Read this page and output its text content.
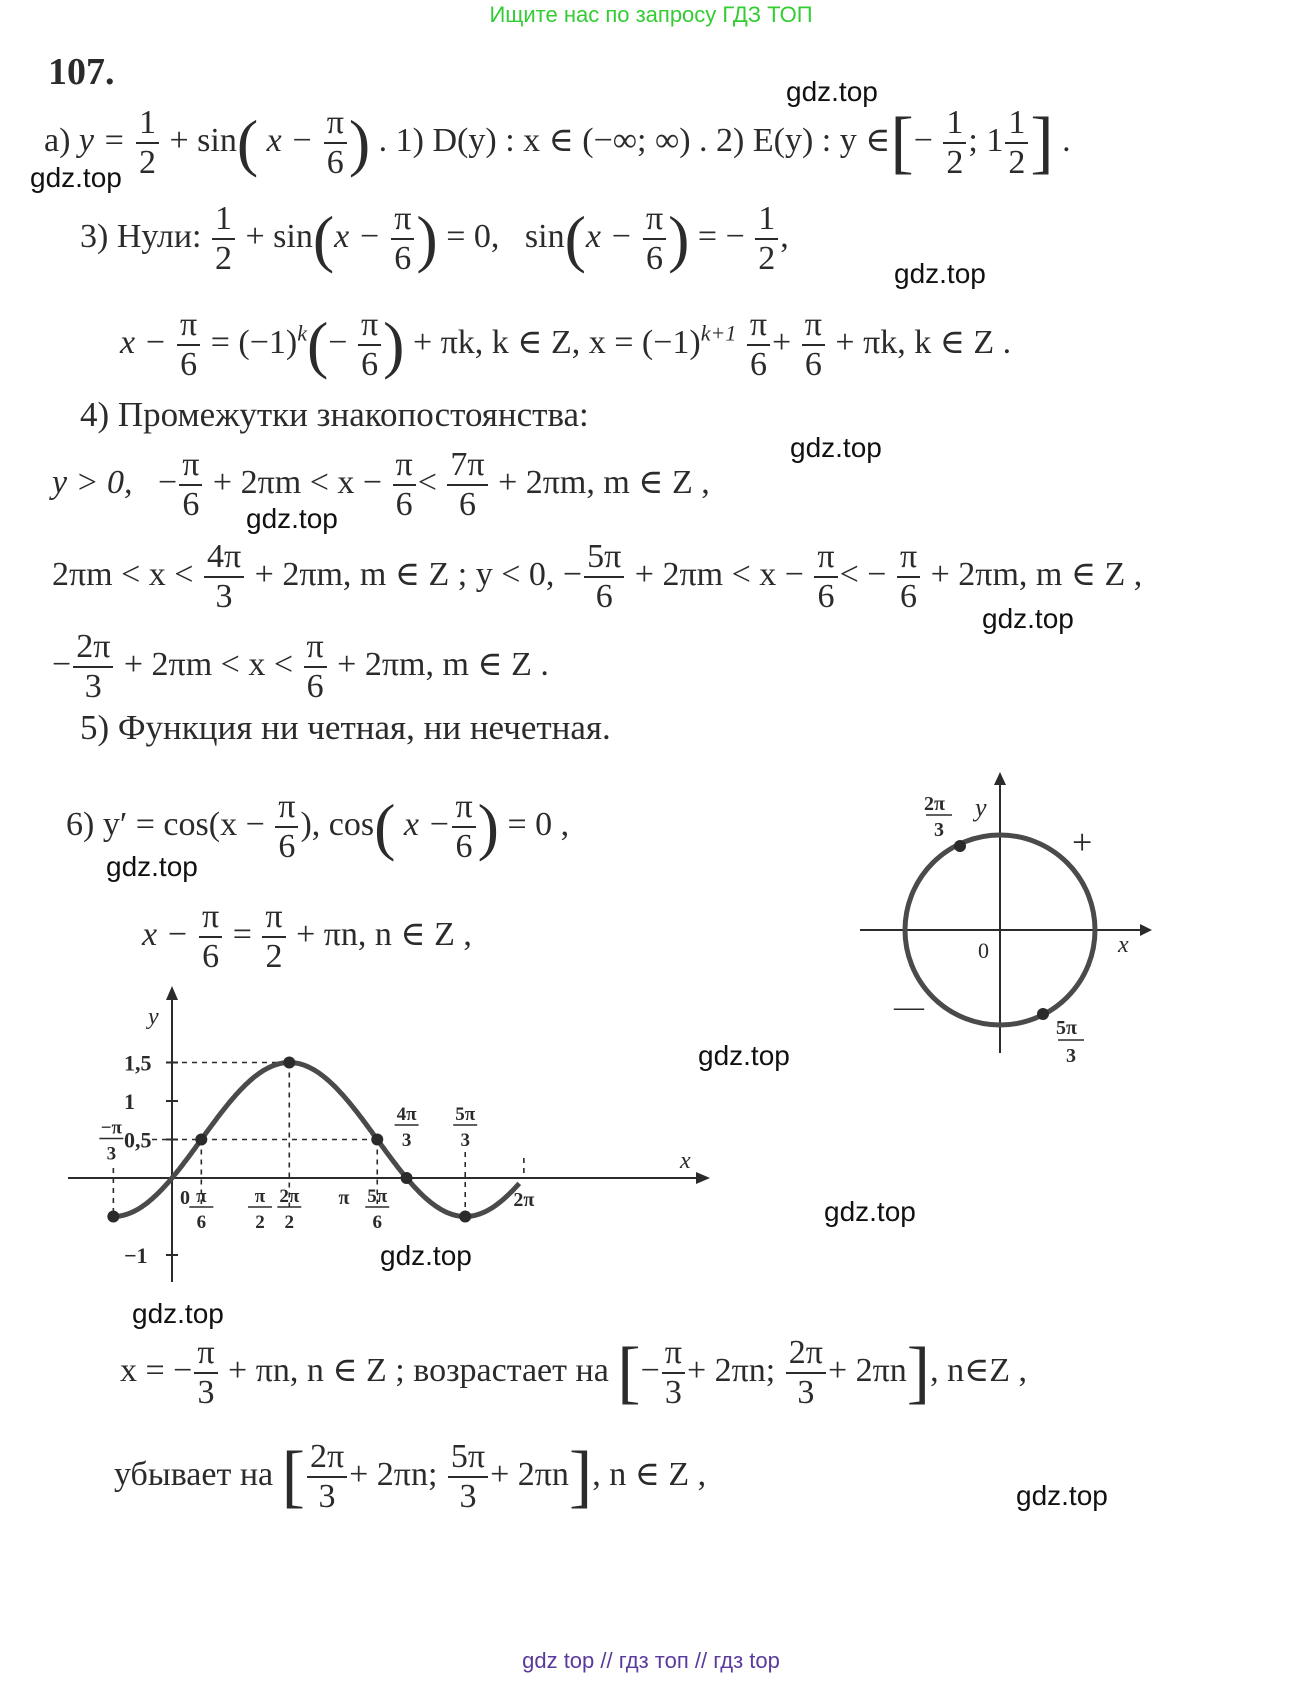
Ищите нас по запросу ГДЗ ТОП
107.	gdz.top
gdz.top
gdz.top
gdz.top
gdz.top
gdz.top
gdz.top
gdz.top
gdz.top
gdz.top
gdz.top
gdz.top
а) $y = \frac{1}{2} + \sin$( $x - \frac{\pi}{6}$ ) . 1) D(y) : x ∈ (−∞; ∞) . 2) E(y) : y ∈[− $\frac{1}{2}$ ; $1 \frac{1}{2}$ ] .
3) Нули: $\frac{1}{2} + \sin(x - \frac{\pi}{6}$ ) = 0, $\sin(x - \frac{\pi}{6}$ ) = − $\frac{1}{2}$ ,
$x - \frac{\pi}{6} = (-1)^k(- \frac{\pi}{6}$ ) + πk, k ∈ Z, $x = (-1)^{k+1} \frac{\pi}{6} + \frac{\pi}{6} + \pi k$, k ∈ Z .
4) Промежутки знакопостоянства:
y > 0, − $\frac{\pi}{6} + 2\pi m < x - \frac{\pi}{6} < \frac{7\pi}{6} + 2\pi m$, m ∈ Z ,
$2\pi m < x < \frac{4\pi}{3} + 2\pi m$, m ∈ Z ; y < 0, − $\frac{5\pi}{6} + 2\pi m < x - \frac{\pi}{6}$ < − $\frac{\pi}{6} + 2\pi m$, m ∈ Z ,
− $\frac{2\pi}{3} + 2\pi m < x < \frac{\pi}{6} + 2\pi m$, m ∈ Z .
5) Функция ни четная, ни нечетная.
6) $y' = \cos(x - \frac{\pi}{6}$ ), cos( $x - \frac{\pi}{6}$ ) = 0 ,
$x - \frac{\pi}{6} = \frac{\pi}{2} + \pi n$, n ∈ Z ,
y
x
0
+
—
2π
3
5π
3
x
y
1,5
1
0,5
−1
0 π
6
π
2
2π
2
π 5π
6
2π
−π
3
4π
3
5π
3
x = − $\frac{\pi}{3} + \pi n$, n ∈ Z ; возрастает на [− $\frac{\pi}{3} + 2\pi n$; $\frac{2\pi}{3} + 2\pi n$], n∈Z ,
убывает на [ $\frac{2\pi}{3} + 2\pi n$; $\frac{5\pi}{3} + 2\pi n$], n ∈ Z ,
gdz top // гдз топ // гдз top
